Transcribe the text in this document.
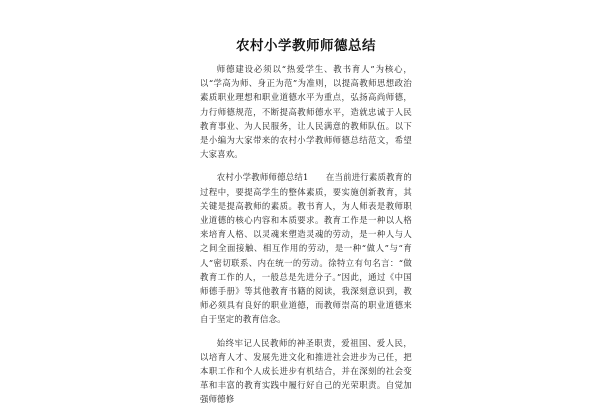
农村小学教师师德总结

师德建设必须以“热爱学生、教书育人”为核心，以“学高为师、身正为范”为准则，以提高教师思想政治素质职业理想和职业道德水平为重点，弘扬高尚师德，力行师德规范，不断提高教师德水平，造就忠诚于人民教育事业、为人民服务，让人民满意的教师队伍。以下是小编为大家带来的农村小学教师师德总结范文，希望大家喜欢。

农村小学教师师德总结1　　在当前进行素质教育的过程中，要提高学生的整体素质，要实施创新教育，其关键是提高教师的素质。教书育人，为人师表是教师职业道德的核心内容和本质要求。教育工作是一种以人格来培育人格、以灵魂来塑造灵魂的劳动，是一种人与人之间全面接触、相互作用的劳动，是一种“做人”与“育人”密切联系、内在统一的劳动。徐特立有句名言：“做教育工作的人，一般总是先进分子。”因此，通过《中国师德手册》等其他教育书籍的阅读，我深刻意识到，教师必须具有良好的职业道德，而教师崇高的职业道德来自于坚定的教育信念。

始终牢记人民教师的神圣职责，爱祖国、爱人民，以培育人才、发展先进文化和推进社会进步为己任，把本职工作和个人成长进步有机结合，并在深刻的社会变革和丰富的教育实践中履行好自己的光荣职责。自觉加强师德修
